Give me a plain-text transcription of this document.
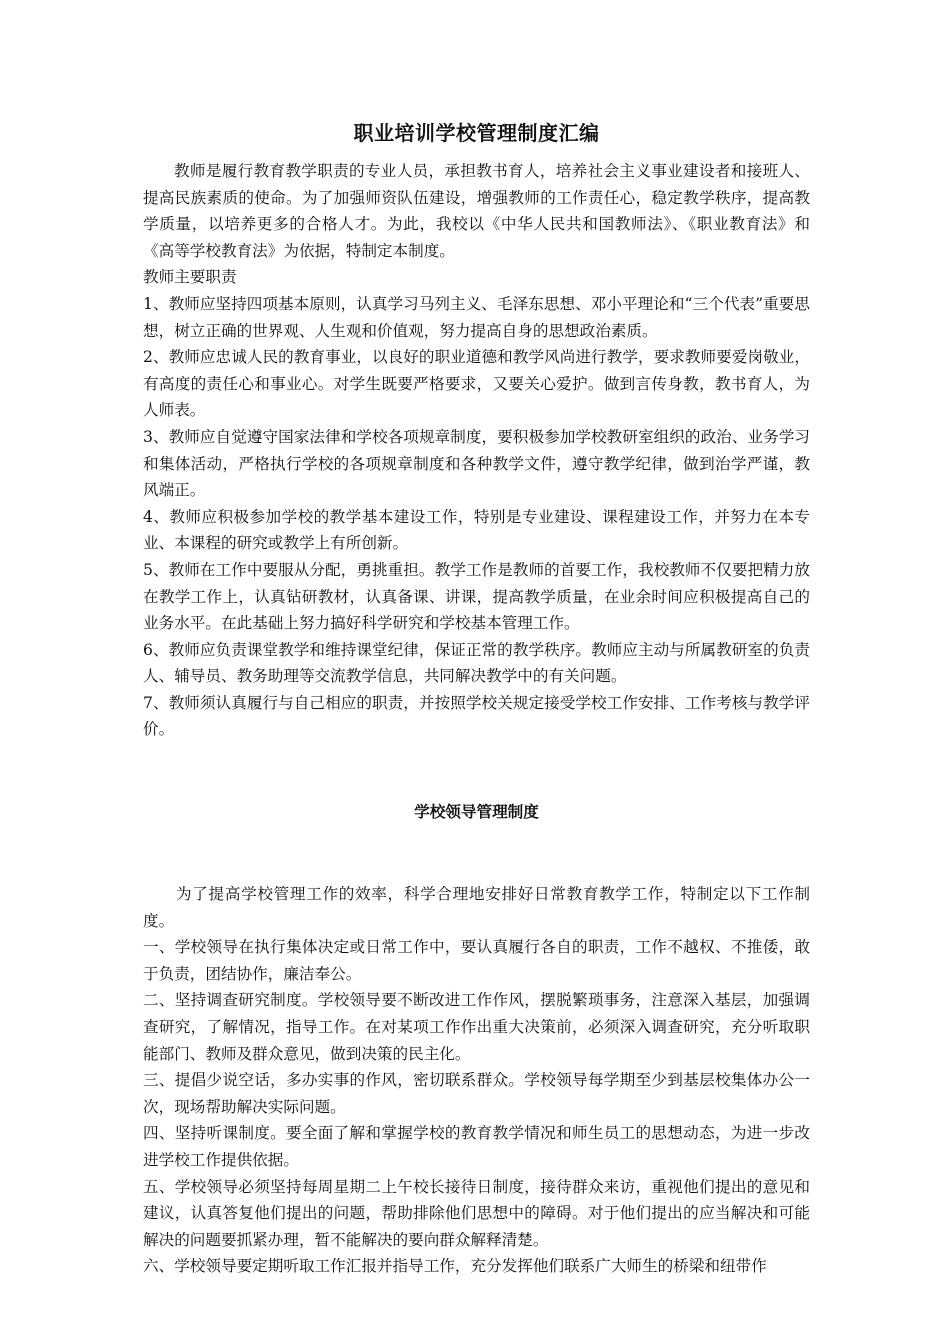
职业培训学校管理制度汇编

教师是履行教育教学职责的专业人员，承担教书育人，培养社会主义事业建设者和接班人、提高民族素质的使命。为了加强师资队伍建设，增强教师的工作责任心，稳定教学秩序，提高教学质量，以培养更多的合格人才。为此，我校以《中华人民共和国教师法》、《职业教育法》和《高等学校教育法》为依据，特制定本制度。

教师主要职责

1、教师应坚持四项基本原则，认真学习马列主义、毛泽东思想、邓小平理论和“三个代表”重要思想，树立正确的世界观、人生观和价值观，努力提高自身的思想政治素质。

2、教师应忠诚人民的教育事业，以良好的职业道德和教学风尚进行教学，要求教师要爱岗敬业，有高度的责任心和事业心。对学生既要严格要求，又要关心爱护。做到言传身教，教书育人，为人师表。

3、教师应自觉遵守国家法律和学校各项规章制度，要积极参加学校教研室组织的政治、业务学习和集体活动，严格执行学校的各项规章制度和各种教学文件，遵守教学纪律，做到治学严谨，教风端正。

4、教师应积极参加学校的教学基本建设工作，特别是专业建设、课程建设工作，并努力在本专业、本课程的研究或教学上有所创新。

5、教师在工作中要服从分配，勇挑重担。教学工作是教师的首要工作，我校教师不仅要把精力放在教学工作上，认真钻研教材，认真备课、讲课，提高教学质量，在业余时间应积极提高自己的业务水平。在此基础上努力搞好科学研究和学校基本管理工作。

6、教师应负责课堂教学和维持课堂纪律，保证正常的教学秩序。教师应主动与所属教研室的负责人、辅导员、教务助理等交流教学信息，共同解决教学中的有关问题。

7、教师须认真履行与自己相应的职责，并按照学校关规定接受学校工作安排、工作考核与教学评价。

学校领导管理制度

为了提高学校管理工作的效率，科学合理地安排好日常教育教学工作，特制定以下工作制度。

一、学校领导在执行集体决定或日常工作中，要认真履行各自的职责，工作不越权、不推倭，敢于负责，团结协作，廉洁奉公。

二、坚持调查研究制度。学校领导要不断改进工作作风，摆脱繁琐事务，注意深入基层，加强调查研究，了解情况，指导工作。在对某项工作作出重大决策前，必须深入调查研究，充分听取职能部门、教师及群众意见，做到决策的民主化。

三、提倡少说空话，多办实事的作风，密切联系群众。学校领导每学期至少到基层校集体办公一次，现场帮助解决实际问题。

四、坚持听课制度。要全面了解和掌握学校的教育教学情况和师生员工的思想动态，为进一步改进学校工作提供依据。

五、学校领导必须坚持每周星期二上午校长接待日制度，接待群众来访，重视他们提出的意见和建议，认真答复他们提出的问题，帮助排除他们思想中的障碍。对于他们提出的应当解决和可能解决的问题要抓紧办理，暂不能解决的要向群众解释清楚。

六、学校领导要定期听取工作汇报并指导工作，充分发挥他们联系广大师生的桥梁和纽带作
